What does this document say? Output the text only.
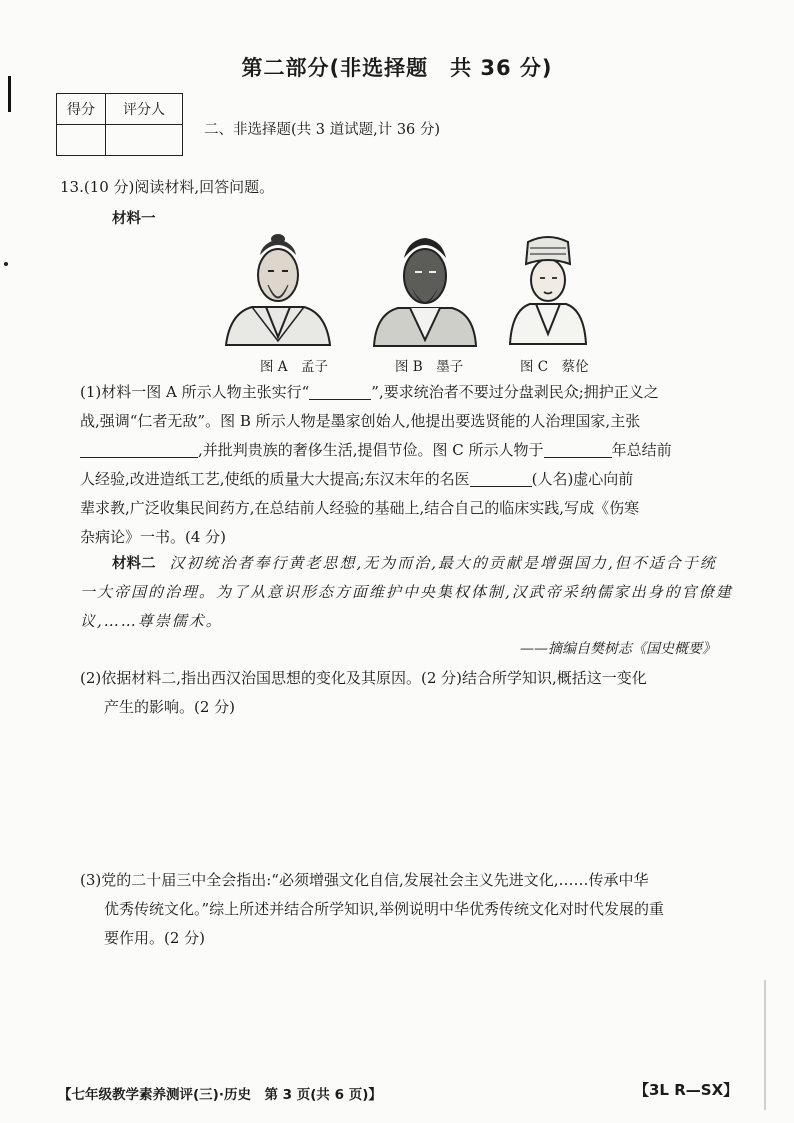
第二部分(非选择题　共 36 分)
得分	评分人

二、非选择题(共 3 道试题,计 36 分)
13.(10 分)阅读材料,回答问题。
材料一
图 A　孟子	图 B　墨子	图 C　蔡伦
(1)材料一图 A 所示人物主张实行“	”,要求统治者不要过分盘剥民众;拥护正义之
战,强调“仁者无敌”。图 B 所示人物是墨家创始人,他提出要选贤能的人治理国家,主张
,并批判贵族的奢侈生活,提倡节俭。图 C 所示人物于	年总结前
人经验,改进造纸工艺,使纸的质量大大提高;东汉末年的名医	(人名)虚心向前
辈求教,广泛收集民间药方,在总结前人经验的基础上,结合自己的临床实践,写成《伤寒
杂病论》一书。(4 分)
材料二 汉初统治者奉行黄老思想,无为而治,最大的贡献是增强国力,但不适合于统
一大帝国的治理。为了从意识形态方面维护中央集权体制,汉武帝采纳儒家出身的官僚建
议,……尊崇儒术。
——摘编自樊树志《国史概要》
(2)依据材料二,指出西汉治国思想的变化及其原因。(2 分)结合所学知识,概括这一变化
产生的影响。(2 分)
(3)党的二十届三中全会指出:“必须增强文化自信,发展社会主义先进文化,……传承中华
优秀传统文化。”综上所述并结合所学知识,举例说明中华优秀传统文化对时代发展的重
要作用。(2 分)
【七年级教学素养测评(三)·历史　第 3 页(共 6 页)】	【3L R—SX】
